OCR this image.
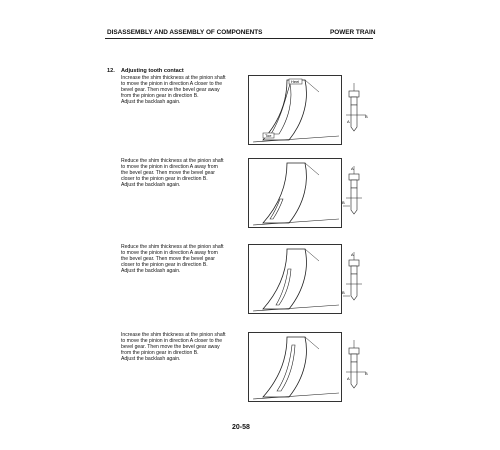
DISASSEMBLY AND ASSEMBLY OF COMPONENTS	POWER TRAIN
12. Adjusting tooth contact

Increase the shim thickness at the pinion shaft

to move the pinion in direction A closer to the

bevel gear. Then move the bevel gear away

from the pinion gear in direction B.

Adjust the backlash again.

Heel
Toe
A
B

Reduce the shim thickness at the pinion shaft

to move the pinion in direction A away from

the bevel gear. Then move the bevel gear

closer to the pinion gear in direction B.

Adjust the backlash again.

A
B

Reduce the shim thickness at the pinion shaft

to move the pinion in direction A away from

the bevel gear. Then move the bevel gear

closer to the pinion gear in direction B.

Adjust the backlash again.

A
B

Increase the shim thickness at the pinion shaft

to move the pinion in direction A closer to the

bevel gear. Then move the bevel gear away

from the pinion gear in direction B.

Adjust the backlash again.

A
B
20-58
